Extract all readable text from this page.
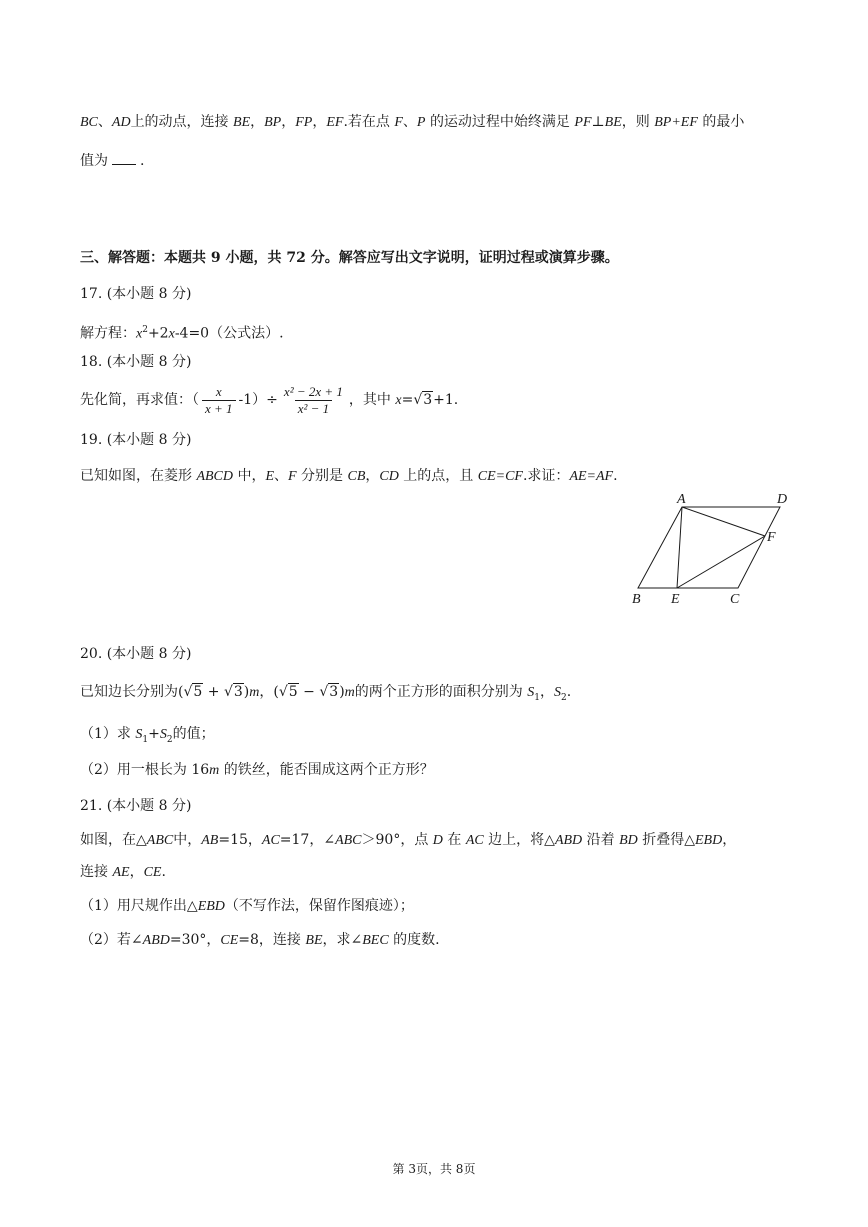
BC、AD上的动点，连接 BE，BP，FP，EF.若在点 F、P 的运动过程中始终满足 PF⊥BE，则 BP+EF 的最小
值为 .
三、解答题：本题共 9 小题，共 72 分。解答应写出文字说明，证明过程或演算步骤。
17. (本小题 8 分)
解方程：$x^2+2x-4=0$（公式法）.
18. (本小题 8 分)
先化简，再求值：（ $\frac{x}{x + 1} -1)\div \frac{\text{x² − 2x + 1}}{\text{x² − 1}}$ ，其中 x=√3+1.
19. (本小题 8 分)
已知如图，在菱形 ABCD 中，E、F 分别是 CB，CD 上的点，且 CE=CF.求证：AE=AF.
A	D
F
B E	C
20. (本小题 8 分)
已知边长分别为(√5 + √3)m，(√5 − √3)m的两个正方形的面积分别为 $S_1$，$S_2$.
（1）求 $S_1+S_2$的值；
（2）用一根长为 16m 的铁丝，能否围成这两个正方形？
21. (本小题 8 分)
如图，在△ABC中，AB=15，AC=17，∠ABC＞90°，点 D 在 AC 边上，将△ABD 沿着 BD 折叠得△EBD，
连接 AE，CE.
（1）用尺规作出△EBD（不写作法，保留作图痕迹）；
（2）若∠ABD=30°，CE=8，连接 BE，求∠BEC 的度数.
第 3页，共 8页
